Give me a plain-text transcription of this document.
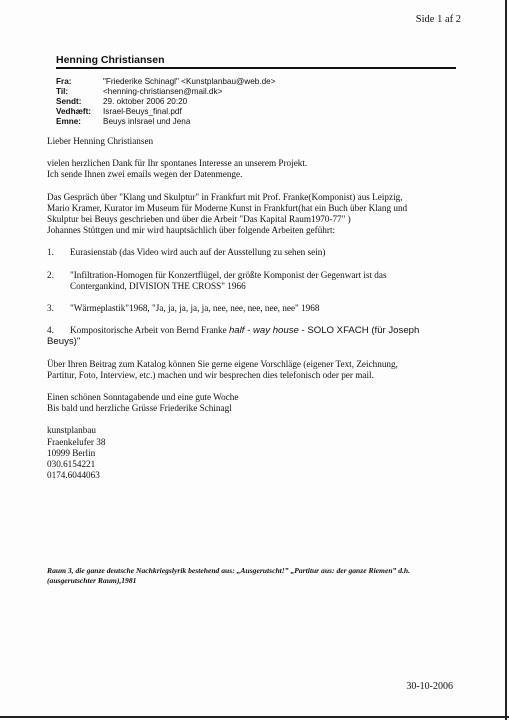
Side 1 af 2
Henning Christiansen
Fra:	"Friederike Schinagl" <Kunstplanbau@web.de>
Til:	<henning-christiansen@mail.dk>
Sendt:	29. oktober 2006 20:20
Vedhæft:	Israel-Beuys_final.pdf
Emne:	Beuys inIsrael und Jena

Lieber Henning Christiansen

vielen herzlichen Dank für Ihr spontanes Interesse an unserem Projekt.

Ich sende Ihnen zwei emails wegen der Datenmenge.

Das Gespräch über "Klang und Skulptur" in Frankfurt mit Prof. Franke(Komponist) aus Leipzig,

Mario Kramer, Kurator im Museum für Moderne Kunst in Frankfurt(hat ein Buch über Klang und

Skulptur bei Beuys geschrieben und über die Arbeit "Das Kapital Raum1970-77" )

Johannes Stüttgen und mir wird hauptsächlich über folgende Arbeiten geführt:

1.	Eurasienstab (das Video wird auch auf der Ausstellung zu sehen sein)

2.	"Infiltration-Homogen für Konzertflügel, der größte Komponist der Gegenwart ist das

Contergankind, DIVISION THE CROSS" 1966

3.	"Wärmeplastik"1968, "Ja, ja, ja, ja, ja, nee, nee, nee, nee, nee" 1968

4.	Kompositorische Arbeit von Bernd Franke half - way house - SOLO XFACH (für Joseph

Beuys)"

Über Ihren Beitrag zum Katalog können Sie gerne eigene Vorschläge (eigener Text, Zeichnung,

Partitur, Foto, Interview, etc.) machen und wir besprechen dies telefonisch oder per mail.

Einen schönen Sonntagabende und eine gute Woche

Bis bald und herzliche Grüsse Friederike Schinagl

kunstplanbau

Fraenkelufer 38

10999 Berlin

030.6154221

0174.6044063

Raum 3, die ganze deutsche Nachkriegslyrik bestehend aus: „Ausgerutscht!” „Partitur aus: der ganze Riemen” d.h.

(ausgerutschter Raum),1981

30-10-2006
